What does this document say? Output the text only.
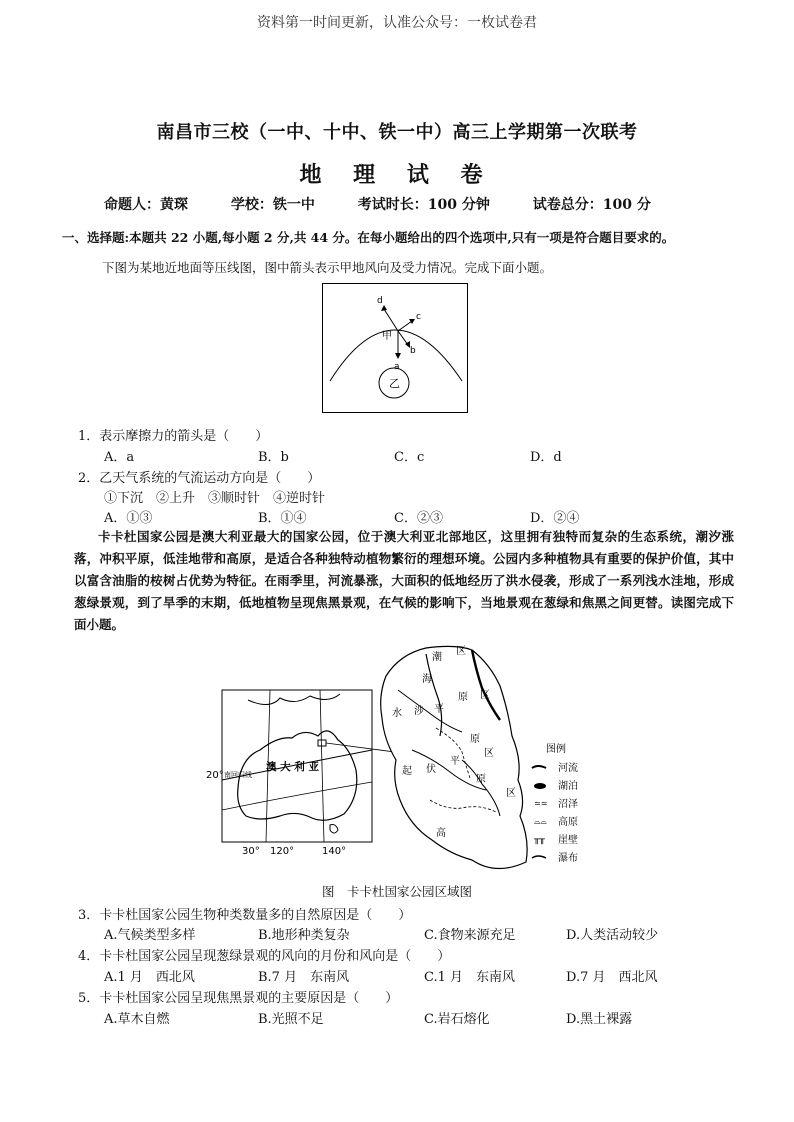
资料第一时间更新，认准公众号：一枚试卷君
南昌市三校（一中、十中、铁一中）高三上学期第一次联考
地 理 试 卷
命题人：黄琛	学校：铁一中	考试时长：100 分钟	试卷总分：100 分
一、选择题:本题共 22 小题,每小题 2 分,共 44 分。在每小题给出的四个选项中,只有一项是符合题目要求的。
下图为某地近地面等压线图，图中箭头表示甲地风向及受力情况。完成下面小题。
甲
乙
a
b
c
d
1．表示摩擦力的箭头是（　　）
A．a	B．b	C．c	D．d
2．乙天气系统的气流运动方向是（　　）
①下沉　②上升　③顺时针　④逆时针
A．①③	B．①④	C．②③	D．②④
卡卡杜国家公园是澳大利亚最大的国家公园，位于澳大利亚北部地区，这里拥有独特而复杂的生态系统，潮汐涨落，冲积平原，低洼地带和高原，是适合各种独特动植物繁衍的理想环境。公园内多种植物具有重要的保护价值，其中以富含油脂的桉树占优势为特征。在雨季里，河流暴涨，大面积的低地经历了洪水侵袭，形成了一系列浅水洼地，形成葱绿景观，到了旱季的末期，低地植物呈现焦黑景观，在气候的影响下，当地景观在葱绿和焦黑之间更替。读图完成下面小题。
澳 大 利 亚
南回归线
20°
30° 120°	140°
潮
区
海
原 区
水 涉 平
区
平
原
起 伏
原
区
高
图例
河流
湖泊
≃≃ 沼泽
⌓⌓ 高原
╥╥ 崖壁
瀑布
图　卡卡杜国家公园区域图
3．卡卡杜国家公园生物种类数量多的自然原因是（　　）
A.气候类型多样	B.地形种类复杂	C.食物来源充足	D.人类活动较少
4．卡卡杜国家公园呈现葱绿景观的风向的月份和风向是（　　）
A.1 月　西北风	B.7 月　东南风	C.1 月　东南风	D.7 月　西北风
5．卡卡杜国家公园呈现焦黑景观的主要原因是（　　）
A.草木自燃	B.光照不足	C.岩石熔化	D.黑土裸露
